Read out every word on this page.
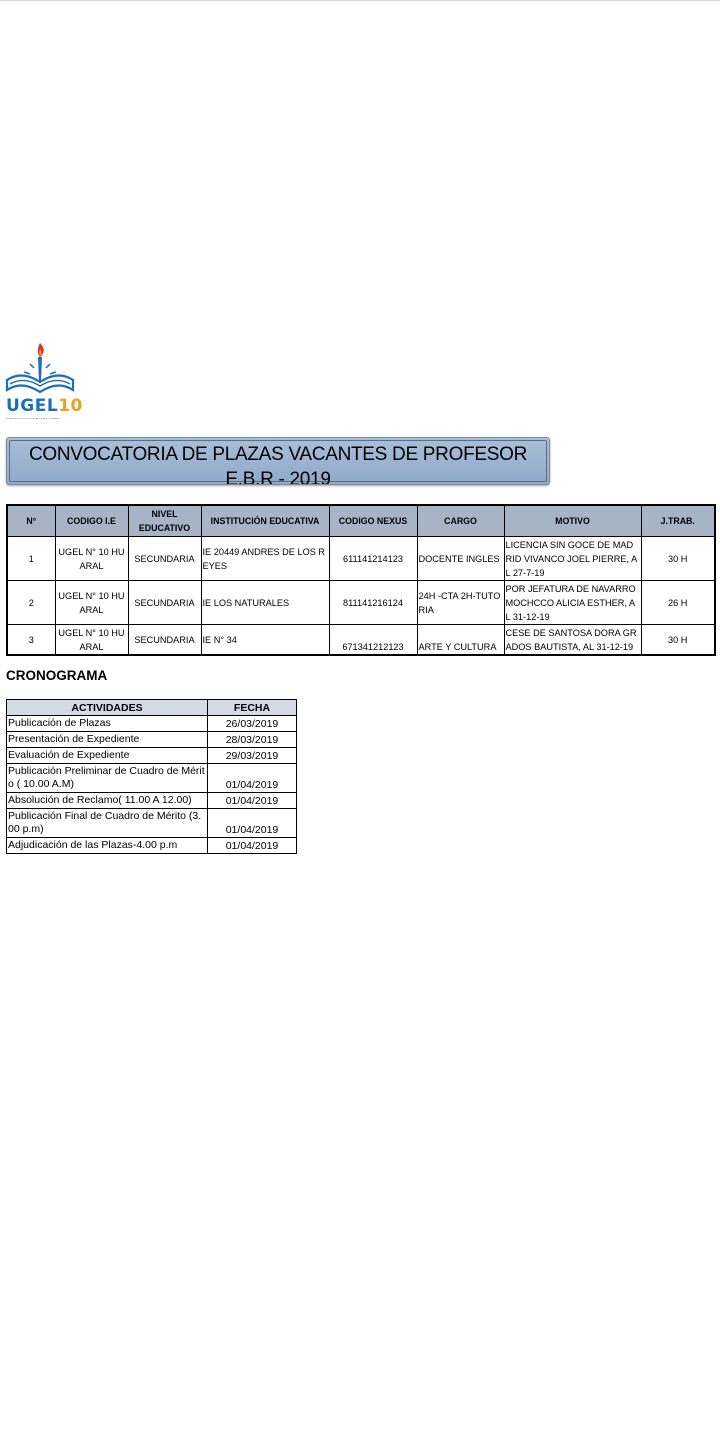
UGEL10
UNIDAD DE GESTIÓN EDUCATIVA LOCAL N° 10 HUARAL
CONVOCATORIA DE PLAZAS VACANTES DE PROFESOR E.B.R - 2019
N°	CODIGO I.E	NIVEL EDUCATIVO	INSTITUCIÓN EDUCATIVA	CODIGO NEXUS	CARGO	MOTIVO	J.TRAB.
1	UGEL N° 10 HUARAL	SECUNDARIA	IE 20449 ANDRES DE LOS REYES	611141214123	DOCENTE INGLES	LICENCIA SIN GOCE DE MADRID VIVANCO JOEL PIERRE, AL 27-7-19	30 H
2	UGEL N° 10 HUARAL	SECUNDARIA	IE LOS NATURALES	811141216124	24H -CTA 2H-TUTORIA	POR JEFATURA DE NAVARRO MOCHCCO ALICIA ESTHER, AL 31-12-19	26 H
3	UGEL N° 10 HUARAL	SECUNDARIA	IE N° 34	671341212123	ARTE Y CULTURA	CESE DE SANTOSA DORA GRADOS BAUTISTA, AL 31-12-19	30 H
CRONOGRAMA
ACTIVIDADES	FECHA
Publicación de Plazas	26/03/2019
Presentación de Expediente	28/03/2019
Evaluación de Expediente	29/03/2019
Publicación Preliminar de Cuadro de Mérito ( 10.00 A.M)	01/04/2019
Absolución de Reclamo( 11.00 A 12.00)	01/04/2019
Publicación Final de Cuadro de Mérito (3.00 p.m)	01/04/2019
Adjudicación de las Plazas-4.00 p.m	01/04/2019
